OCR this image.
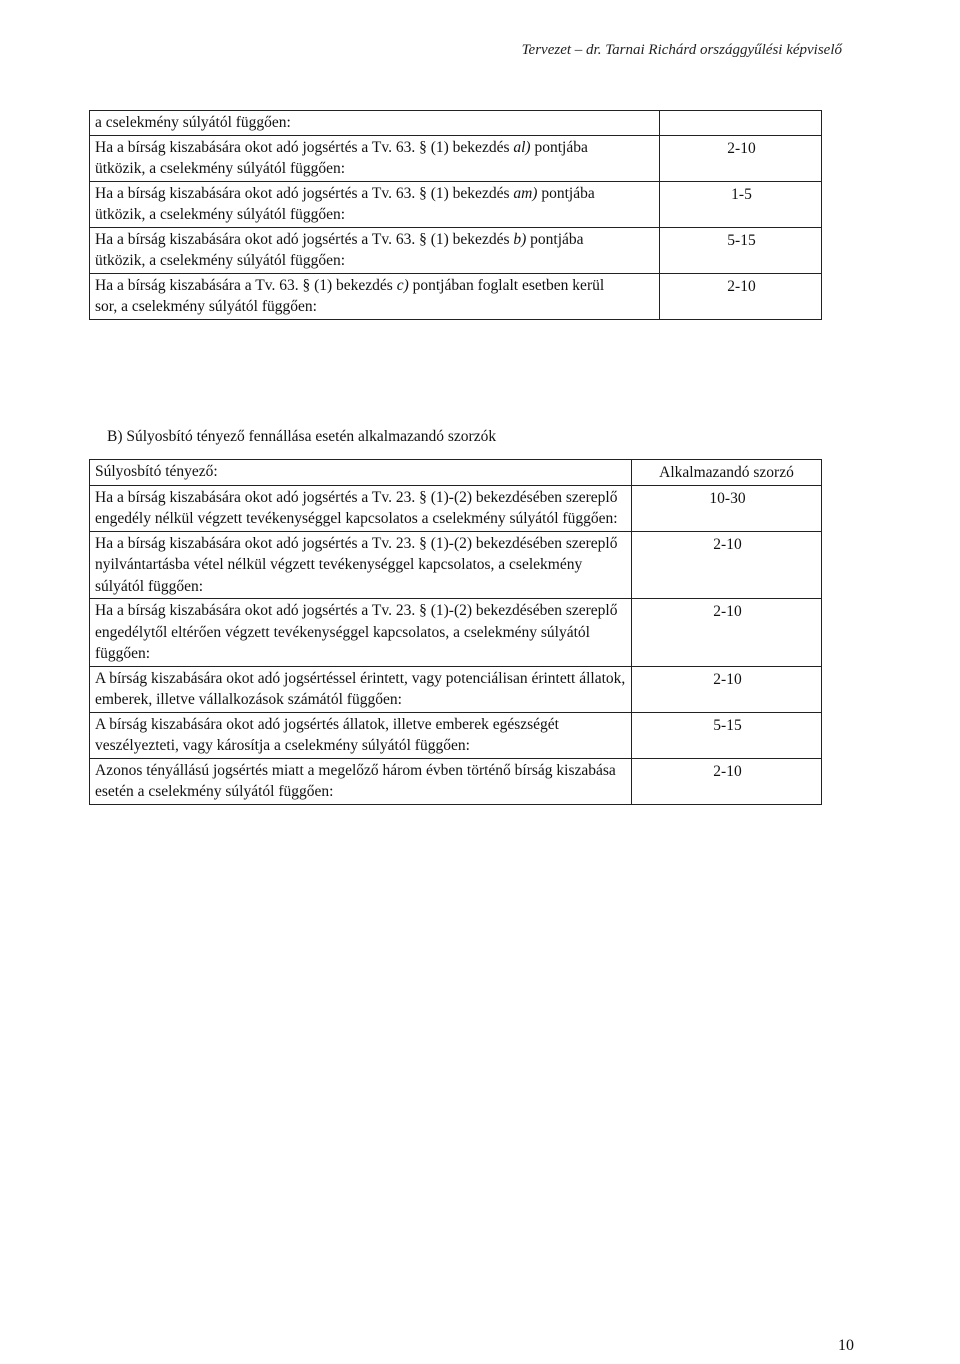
Tervezet – dr. Tarnai Richárd országgyűlési képviselő
a cselekmény súlyától függően:	
Ha a bírság kiszabására okot adó jogsértés a Tv. 63. § (1) bekezdés al) pontjába ütközik, a cselekmény súlyától függően:	2-10
Ha a bírság kiszabására okot adó jogsértés a Tv. 63. § (1) bekezdés am) pontjába ütközik, a cselekmény súlyától függően:	1-5
Ha a bírság kiszabására okot adó jogsértés a Tv. 63. § (1) bekezdés b) pontjába ütközik, a cselekmény súlyától függően:	5-15
Ha a bírság kiszabására a Tv. 63. § (1) bekezdés c) pontjában foglalt esetben kerül sor, a cselekmény súlyától függően:	2-10
B) Súlyosbító tényező fennállása esetén alkalmazandó szorzók
Súlyosbító tényező:	Alkalmazandó szorzó
Ha a bírság kiszabására okot adó jogsértés a Tv. 23. § (1)-(2) bekezdésében szereplő engedély nélkül végzett tevékenységgel kapcsolatos a cselekmény súlyától függően:	10-30
Ha a bírság kiszabására okot adó jogsértés a Tv. 23. § (1)-(2) bekezdésében szereplő nyilvántartásba vétel nélkül végzett tevékenységgel kapcsolatos, a cselekmény súlyától függően:	2-10
Ha a bírság kiszabására okot adó jogsértés a Tv. 23. § (1)-(2) bekezdésében szereplő engedélytől eltérően végzett tevékenységgel kapcsolatos, a cselekmény súlyától függően:	2-10
A bírság kiszabására okot adó jogsértéssel érintett, vagy potenciálisan érintett állatok, emberek, illetve vállalkozások számától függően:	2-10
A bírság kiszabására okot adó jogsértés állatok, illetve emberek egészségét veszélyezteti, vagy károsítja a cselekmény súlyától függően:	5-15
Azonos tényállású jogsértés miatt a megelőző három évben történő bírság kiszabása esetén a cselekmény súlyától függően:	2-10
10
